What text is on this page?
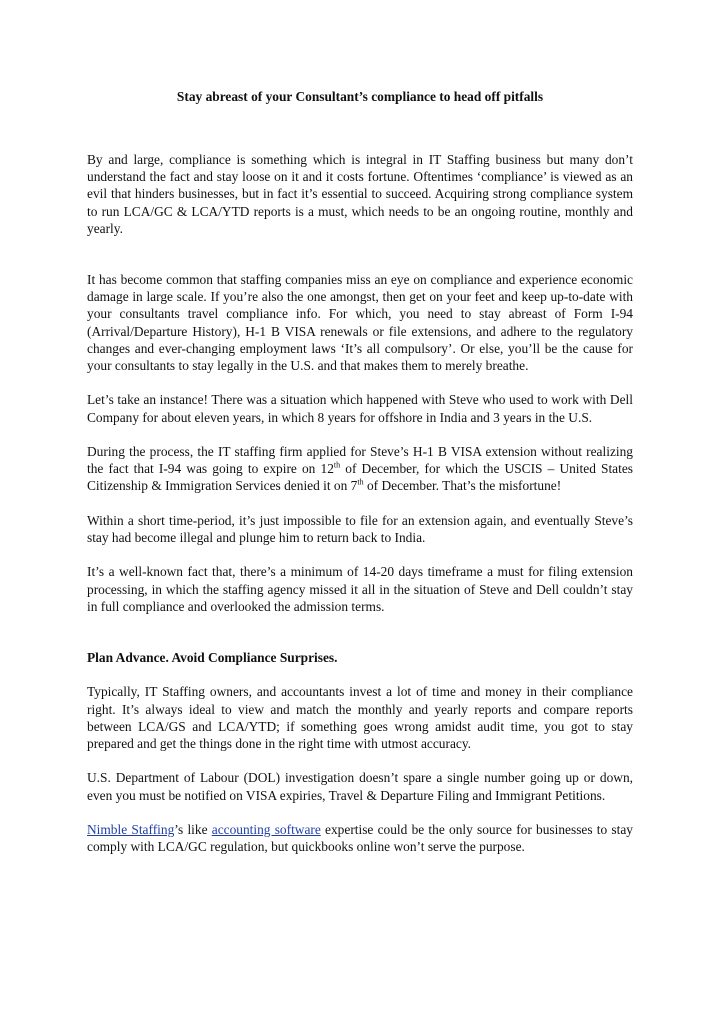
Stay abreast of your Consultant’s compliance to head off pitfalls

By and large, compliance is something which is integral in IT Staffing business but many don’t understand the fact and stay loose on it and it costs fortune. Oftentimes ‘compliance’ is viewed as an evil that hinders businesses, but in fact it’s essential to succeed. Acquiring strong compliance system to run LCA/GC & LCA/YTD reports is a must, which needs to be an ongoing routine, monthly and yearly.

It has become common that staffing companies miss an eye on compliance and experience economic damage in large scale. If you’re also the one amongst, then get on your feet and keep up-to-date with your consultants travel compliance info. For which, you need to stay abreast of Form I-94 (Arrival/Departure History), H-1 B VISA renewals or file extensions, and adhere to the regulatory changes and ever-changing employment laws ‘It’s all compulsory’. Or else, you’ll be the cause for your consultants to stay legally in the U.S. and that makes them to merely breathe.

Let’s take an instance! There was a situation which happened with Steve who used to work with Dell Company for about eleven years, in which 8 years for offshore in India and 3 years in the U.S.

During the process, the IT staffing firm applied for Steve’s H-1 B VISA extension without realizing the fact that I-94 was going to expire on 12th of December, for which the USCIS – United States Citizenship & Immigration Services denied it on 7th of December. That’s the misfortune!

Within a short time-period, it’s just impossible to file for an extension again, and eventually Steve’s stay had become illegal and plunge him to return back to India.

It’s a well-known fact that, there’s a minimum of 14-20 days timeframe a must for filing extension processing, in which the staffing agency missed it all in the situation of Steve and Dell couldn’t stay in full compliance and overlooked the admission terms.

Plan Advance. Avoid Compliance Surprises.

Typically, IT Staffing owners, and accountants invest a lot of time and money in their compliance right. It’s always ideal to view and match the monthly and yearly reports and compare reports between LCA/GS and LCA/YTD; if something goes wrong amidst audit time, you got to stay prepared and get the things done in the right time with utmost accuracy.

U.S. Department of Labour (DOL) investigation doesn’t spare a single number going up or down, even you must be notified on VISA expiries, Travel & Departure Filing and Immigrant Petitions.

Nimble Staffing’s like accounting software expertise could be the only source for businesses to stay comply with LCA/GC regulation, but quickbooks online won’t serve the purpose.
